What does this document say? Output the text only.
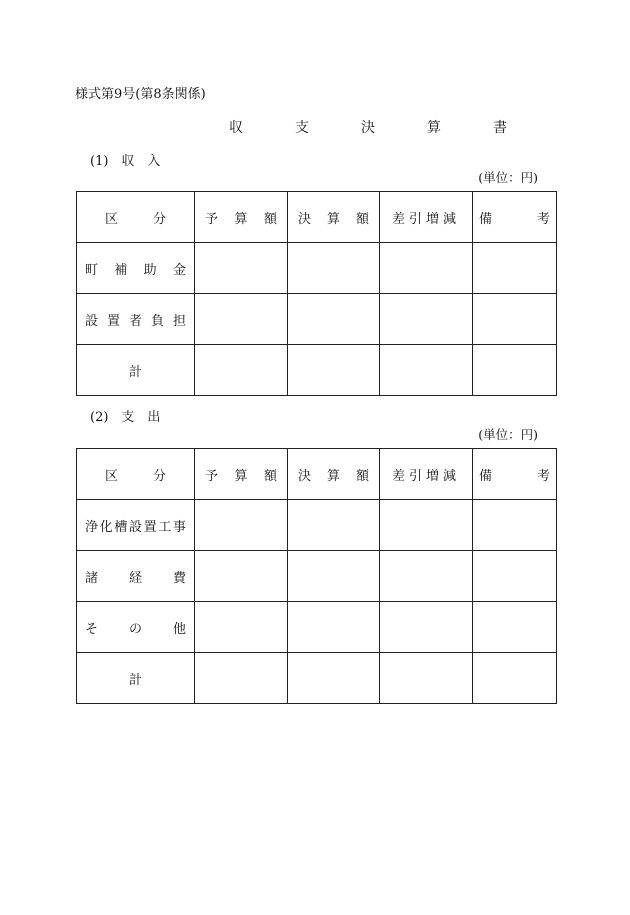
様式第9号(第8条関係)
収　支　決　算　書
(1)　収　入
(単位：円)
区　　分	予　算　額	決　算　額	差引増減	備　　考
町補助金				
設置者負担				
計				
(2)　支　出
(単位：円)
区　　分	予　算　額	決　算　額	差引増減	備　　考
浄化槽設置工事				
諸経費				
その他				
計				
